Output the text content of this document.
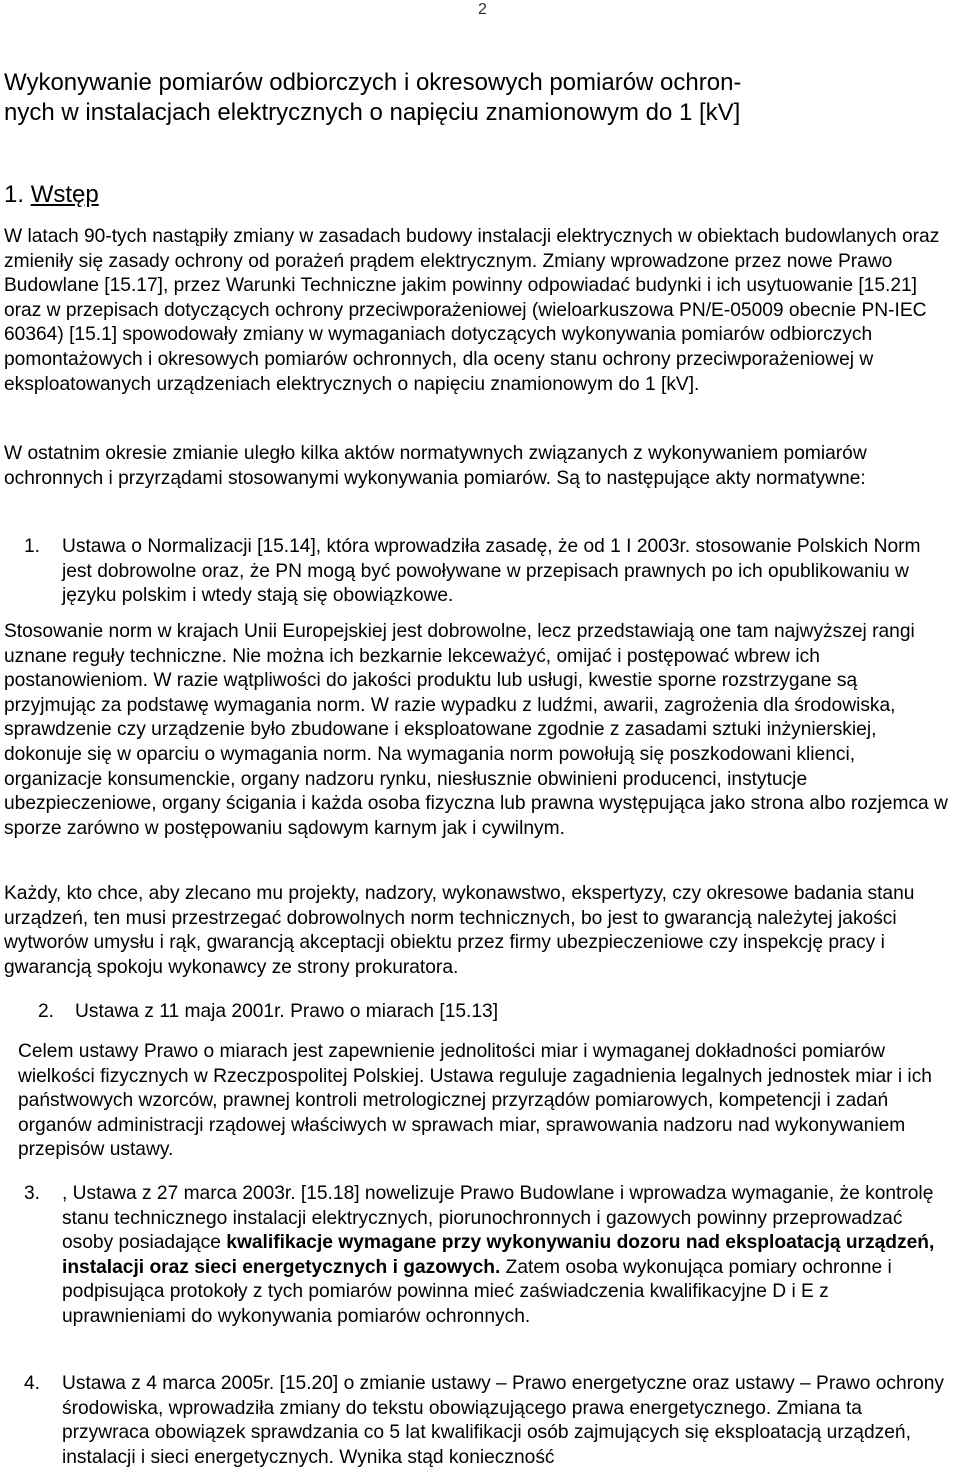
2
Wykonywanie pomiarów odbiorczych i okresowych pomiarów ochron-
nych w instalacjach elektrycznych o napięciu znamionowym do 1 [kV]
1. Wstęp
W latach 90-tych nastąpiły zmiany w zasadach budowy instalacji elektrycznych w obiektach budowlanych oraz zmieniły się zasady ochrony od porażeń prądem elektrycznym. Zmiany wprowadzone przez nowe Prawo Budowlane [15.17], przez Warunki Techniczne jakim powinny odpowiadać budynki i ich usytuowanie [15.21] oraz w przepisach dotyczących ochrony przeciwporażeniowej (wieloarkuszowa PN/E-05009 obecnie PN-IEC 60364) [15.1] spowodowały zmiany w wymaganiach dotyczących wykonywania pomiarów odbiorczych pomontażowych i okresowych pomiarów ochronnych, dla oceny stanu ochrony przeciwporażeniowej w eksploatowanych urządzeniach elektrycznych o napięciu znamionowym do 1 [kV].
W ostatnim okresie zmianie uległo kilka aktów normatywnych związanych z wykonywaniem pomiarów ochronnych i przyrządami stosowanymi wykonywania pomiarów. Są to następujące akty normatywne:
1. Ustawa o Normalizacji [15.14], która wprowadziła zasadę, że od 1 I 2003r. stosowanie Polskich Norm jest dobrowolne oraz, że PN mogą być powoływane w przepisach prawnych po ich opublikowaniu w języku polskim i wtedy stają się obowiązkowe.
Stosowanie norm w krajach Unii Europejskiej jest dobrowolne, lecz przedstawiają one tam najwyższej rangi uznane reguły techniczne. Nie można ich bezkarnie lekceważyć, omijać i postępować wbrew ich postanowieniom. W razie wątpliwości do jakości produktu lub usługi, kwestie sporne rozstrzygane są przyjmując za podstawę wymagania norm. W razie wypadku z ludźmi, awarii, zagrożenia dla środowiska, sprawdzenie czy urządzenie było zbudowane i eksploatowane zgodnie z zasadami sztuki inżynierskiej, dokonuje się w oparciu o wymagania norm. Na wymagania norm powołują się poszkodowani klienci, organizacje konsumenckie, organy nadzoru rynku, niesłusznie obwinieni producenci, instytucje ubezpieczeniowe, organy ścigania i każda osoba fizyczna lub prawna występująca jako strona albo rozjemca w sporze zarówno w postępowaniu sądowym karnym jak i cywilnym.
Każdy, kto chce, aby zlecano mu projekty, nadzory, wykonawstwo, ekspertyzy, czy okresowe badania stanu urządzeń, ten musi przestrzegać dobrowolnych norm technicznych, bo jest to gwarancją należytej jakości wytworów umysłu i rąk, gwarancją akceptacji obiektu przez firmy ubezpieczeniowe czy inspekcję pracy i gwarancją spokoju wykonawcy ze strony prokuratora.
2. Ustawa z 11 maja 2001r. Prawo o miarach [15.13]
Celem ustawy Prawo o miarach jest zapewnienie jednolitości miar i wymaganej dokładności pomiarów wielkości fizycznych w Rzeczpospolitej Polskiej. Ustawa reguluje zagadnienia legalnych jednostek miar i ich państwowych wzorców, prawnej kontroli metrologicznej przyrządów pomiarowych, kompetencji i zadań organów administracji rządowej właściwych w sprawach miar, sprawowania nadzoru nad wykonywaniem przepisów ustawy.
3. , Ustawa z 27 marca 2003r. [15.18] nowelizuje Prawo Budowlane i wprowadza wymaganie, że kontrolę stanu technicznego instalacji elektrycznych, piorunochronnych i gazowych powinny przeprowadzać osoby posiadające kwalifikacje wymagane przy wykonywaniu dozoru nad eksploatacją urządzeń, instalacji oraz sieci energetycznych i gazowych. Zatem osoba wykonująca pomiary ochronne i podpisująca protokoły z tych pomiarów powinna mieć zaświadczenia kwalifikacyjne D i E z uprawnieniami do wykonywania pomiarów ochronnych.
4. Ustawa z 4 marca 2005r. [15.20] o zmianie ustawy – Prawo energetyczne oraz ustawy – Prawo ochrony środowiska, wprowadziła zmiany do tekstu obowiązującego prawa energetycznego. Zmiana ta przywraca obowiązek sprawdzania co 5 lat kwalifikacji osób zajmujących się eksploatacją urządzeń, instalacji i sieci energetycznych. Wynika stąd konieczność
